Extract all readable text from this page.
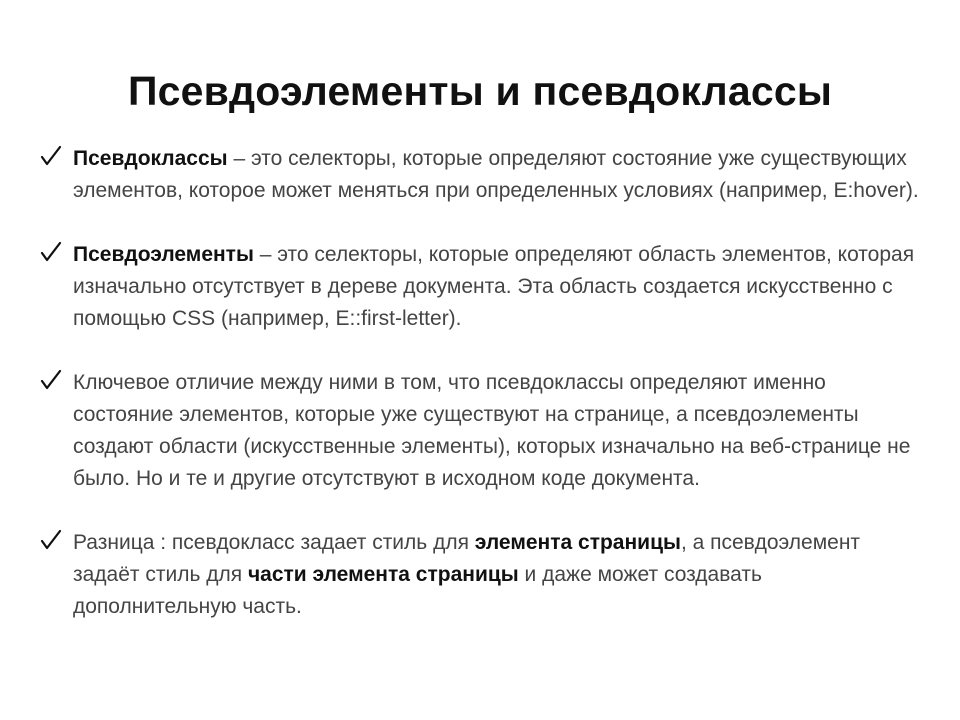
Псевдоэлементы и псевдоклассы
Псевдоклассы – это селекторы, которые определяют состояние уже существующих элементов, которое может меняться при определенных условиях (например, E:hover).
Псевдоэлементы – это селекторы, которые определяют область элементов, которая изначально отсутствует в дереве документа. Эта область создается искусственно с помощью CSS (например, E::first-letter).
Ключевое отличие между ними в том, что псевдоклассы определяют именно состояние элементов, которые уже существуют на странице, а псевдоэлементы создают области (искусственные элементы), которых изначально на веб-странице не было. Но и те и другие отсутствуют в исходном коде документа.
Разница : псевдокласс задает стиль для элемента страницы, а псевдоэлемент задаёт стиль для части элемента страницы и даже может создавать дополнительную часть.
